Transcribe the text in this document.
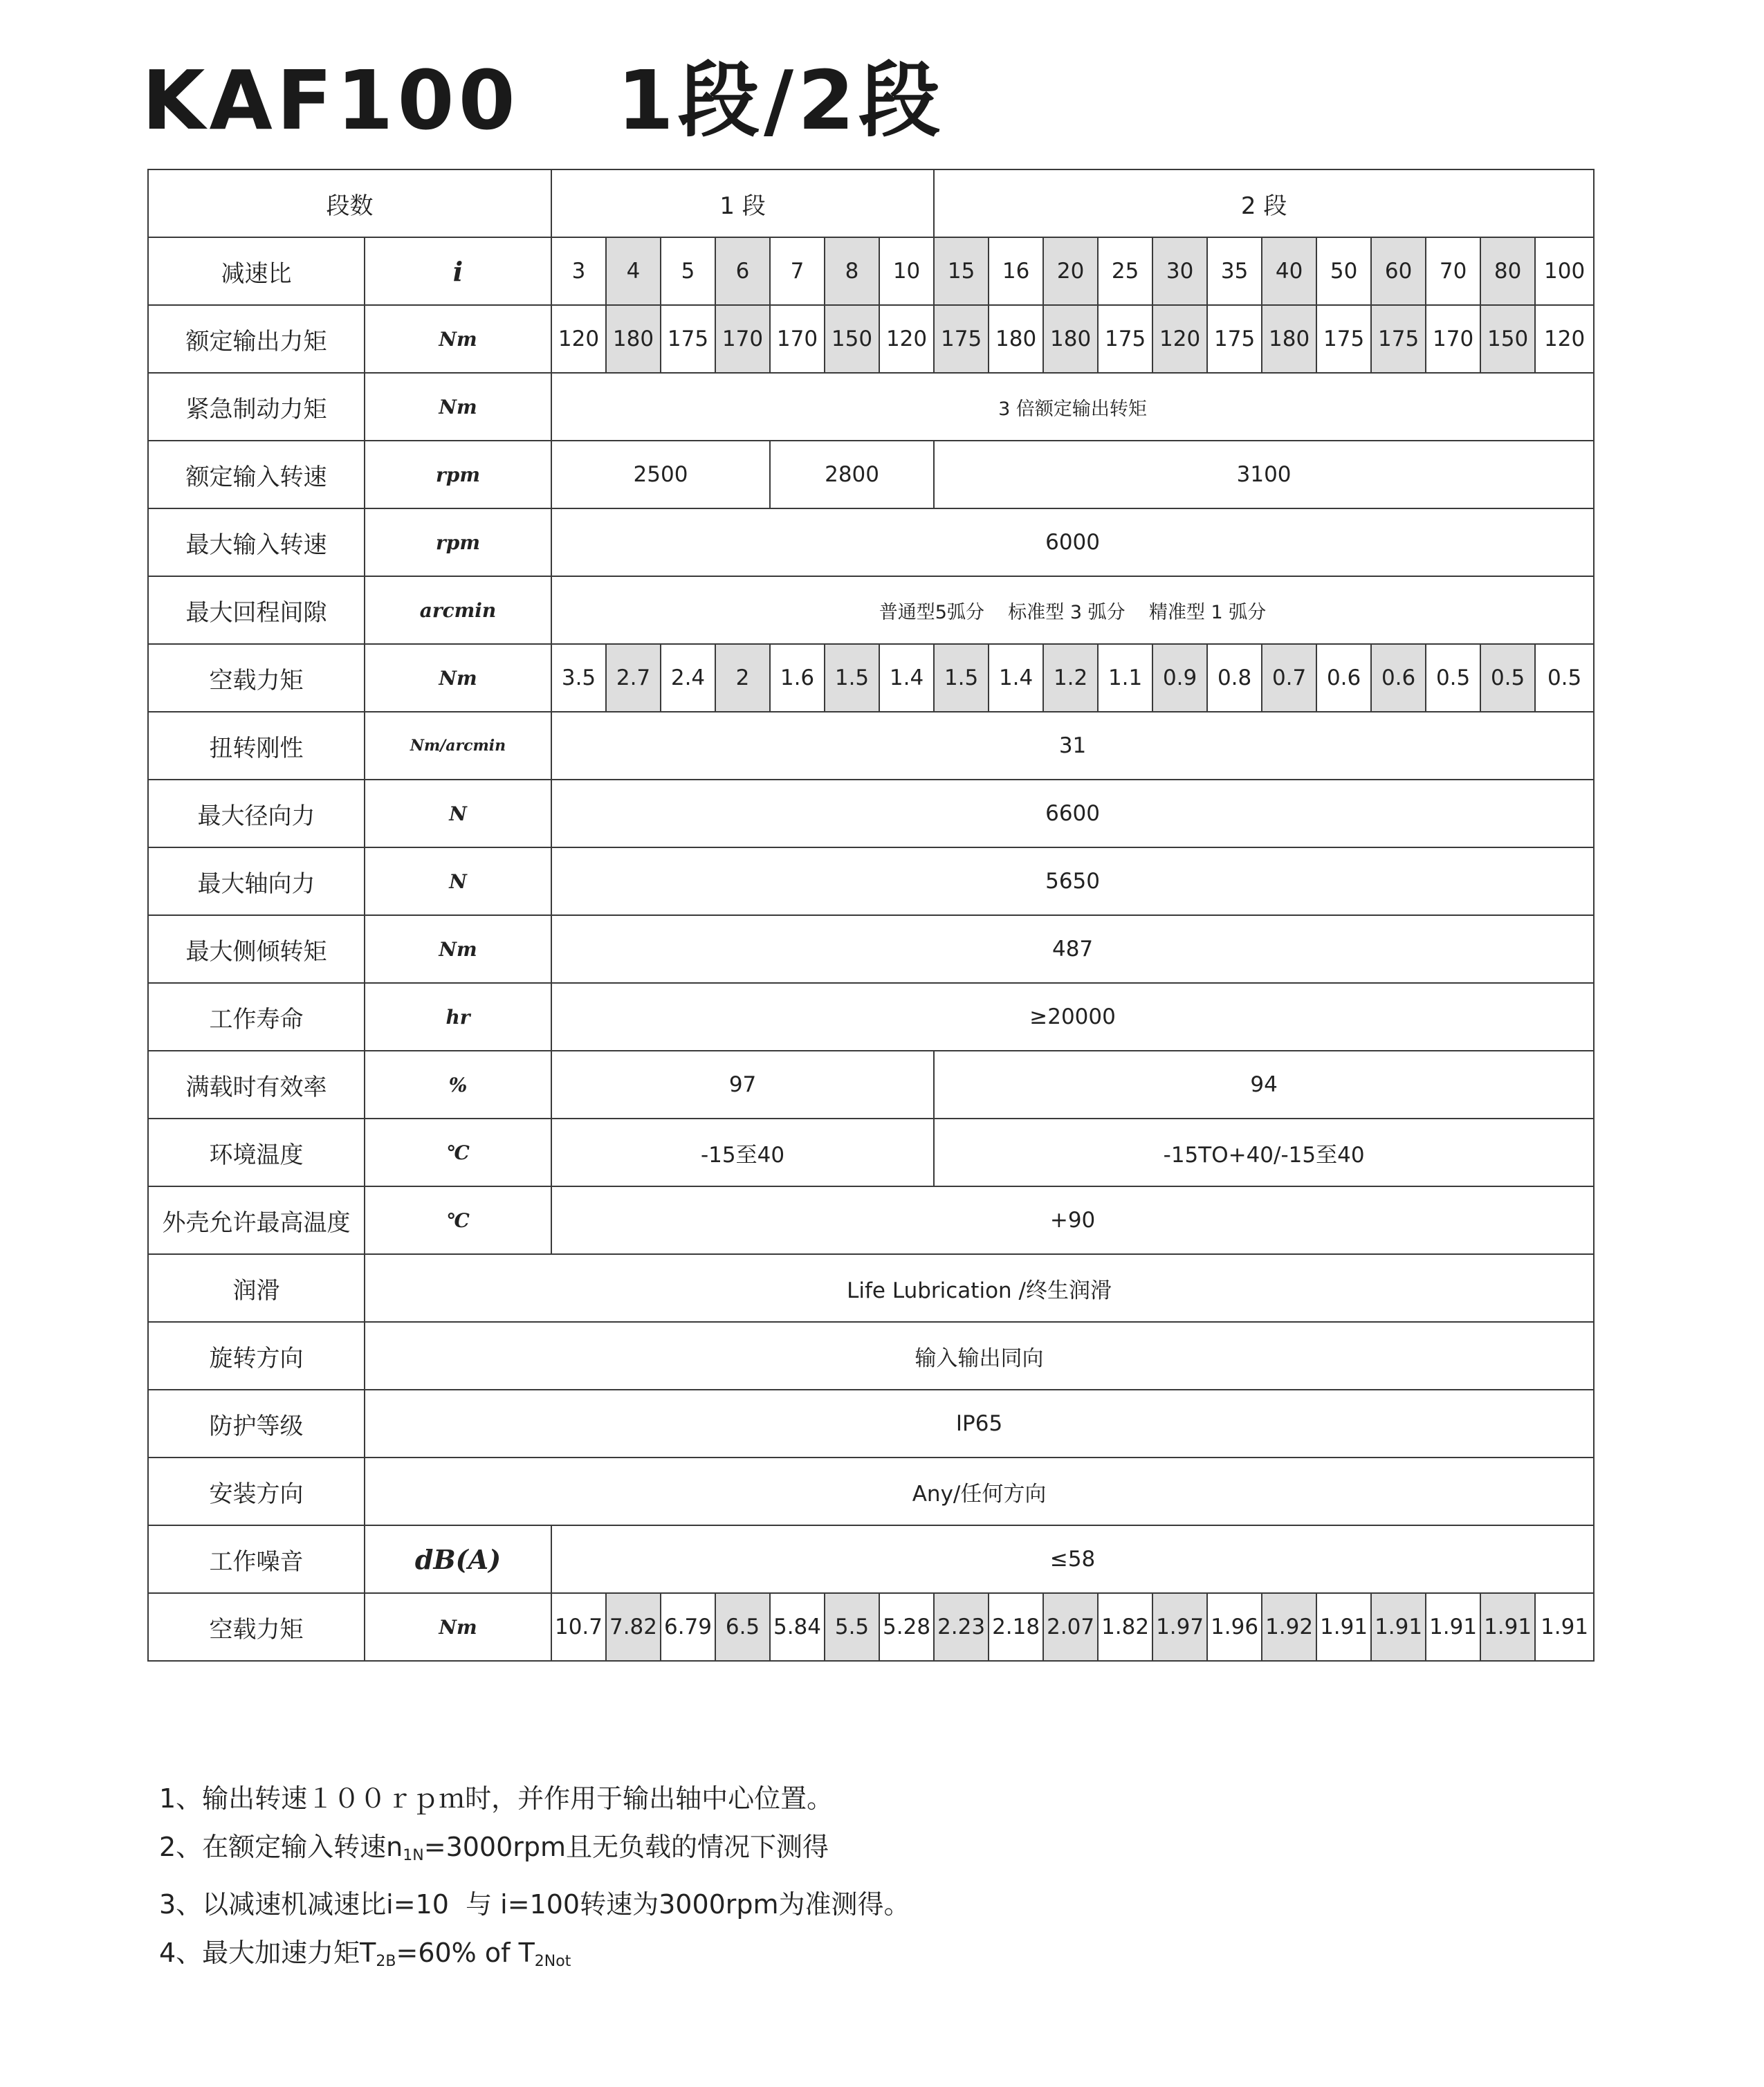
KAF100   1段/2段
段数		1 段							2 段											
减速比	i	3	4	5	6	7	8	10	15	16	20	25	30	35	40	50	60	70	80	100
额定输出力矩	Nm	120	180	175	170	170	150	120	175	180	180	175	120	175	180	175	175	170	150	120
紧急制动力矩	Nm	3 倍额定输出转矩																		
额定输入转速	rpm	2500				2800			3100											
最大输入转速	rpm	6000																		
最大回程间隙	arcmin	普通型5弧分    标准型 3 弧分    精准型 1 弧分																		
空载力矩	Nm	3.5	2.7	2.4	2	1.6	1.5	1.4	1.5	1.4	1.2	1.1	0.9	0.8	0.7	0.6	0.6	0.5	0.5	0.5
扭转刚性	Nm/arcmin	31																		
最大径向力	N	6600																		
最大轴向力	N	5650																		
最大侧倾转矩	Nm	487																		
工作寿命	hr	≥20000																		
满载时有效率	%	97							94											
环境温度	℃	-15至40							-15TO+40/-15至40											
外壳允许最高温度	℃	+90																		
润滑	Life Lubrication /终生润滑																			
旋转方向	输入输出同向																			
防护等级	IP65																			
安装方向	Any/任何方向																			
工作噪音	dB(A)	≤58																		
空载力矩	Nm	10.7	7.82	6.79	6.5	5.84	5.5	5.28	2.23	2.18	2.07	1.82	1.97	1.96	1.92	1.91	1.91	1.91	1.91	1.91
1、输出转速１００ｒｐｍ时，并作用于输出轴中心位置。
2、在额定输入转速$n_{1N}=3000rpm$且无负载的情况下测得
3、以减速机减速比i=10  与 i=100转速为3000rpm为准测得。
4、最大加速力矩$T_{2B}=60\%$ of $T_{2Not}$
